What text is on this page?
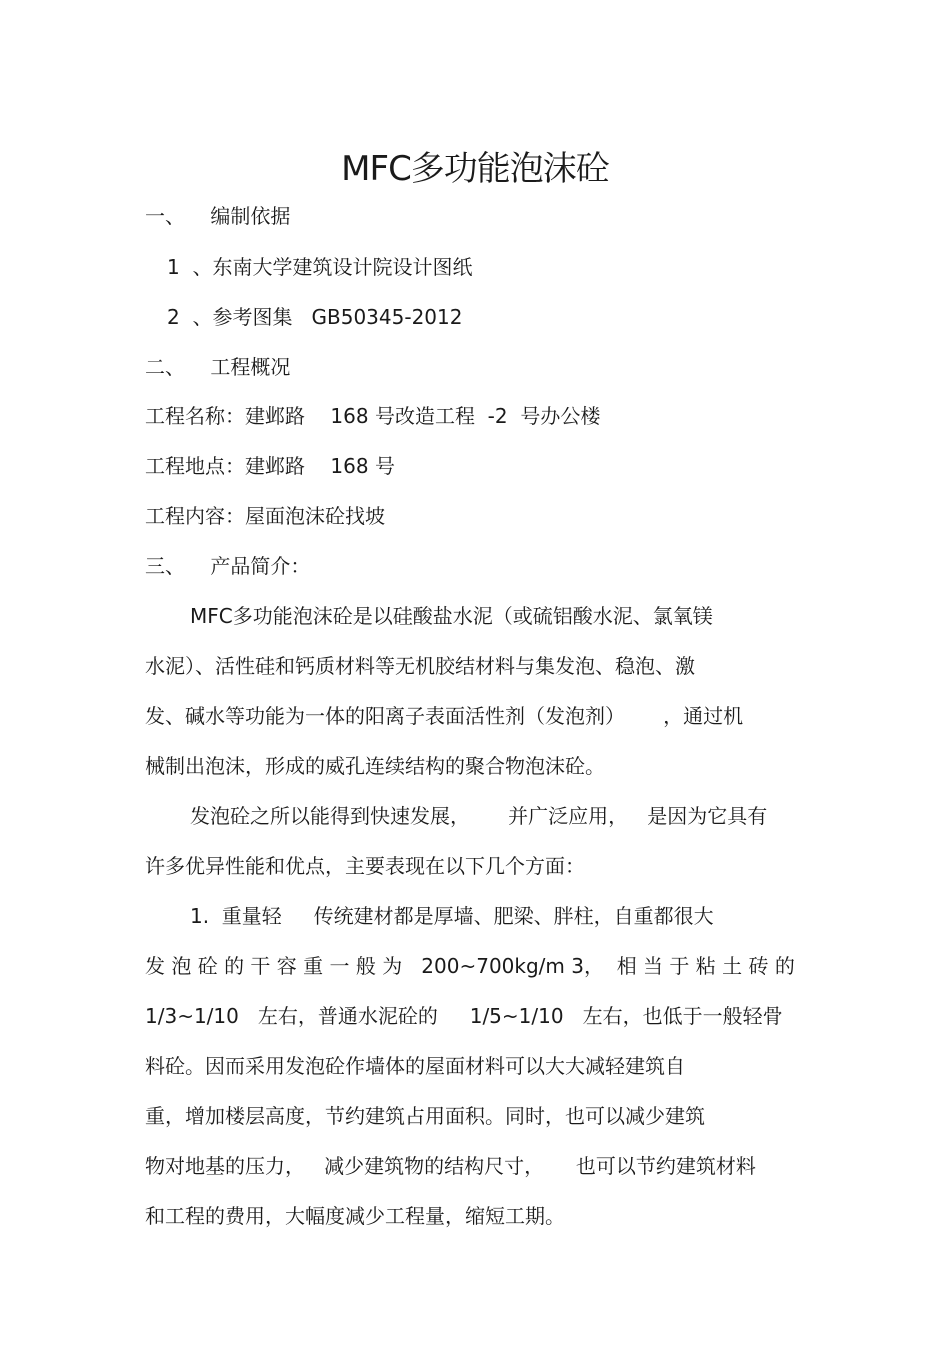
MFC多功能泡沫砼
一、    编制依据
1  、东南大学建筑设计院设计图纸
2  、参考图集   GB50345-2012
二、    工程概况
工程名称：建邺路    168 号改造工程  -2  号办公楼
工程地点：建邺路    168 号
工程内容：屋面泡沫砼找坡
三、    产品简介：
MFC多功能泡沫砼是以硅酸盐水泥（或硫铝酸水泥、氯氧镁
水泥）、活性硅和钙质材料等无机胶结材料与集发泡、稳泡、激
发、碱水等功能为一体的阳离子表面活性剂（发泡剂）      ，通过机
械制出泡沫，形成的威孔连续结构的聚合物泡沫砼。
发泡砼之所以能得到快速发展，      并广泛应用，   是因为它具有
许多优异性能和优点，主要表现在以下几个方面：
1.  重量轻     传统建材都是厚墙、肥梁、胖柱，自重都很大
发 泡 砼 的 干 容 重 一 般 为   200~700kg/m 3，  相 当 于 粘 土 砖 的
1/3~1/10   左右，普通水泥砼的     1/5~1/10   左右，也低于一般轻骨
料砼。因而采用发泡砼作墙体的屋面材料可以大大减轻建筑自
重，增加楼层高度，节约建筑占用面积。同时，也可以减少建筑
物对地基的压力，   减少建筑物的结构尺寸，     也可以节约建筑材料
和工程的费用，大幅度减少工程量，缩短工期。
